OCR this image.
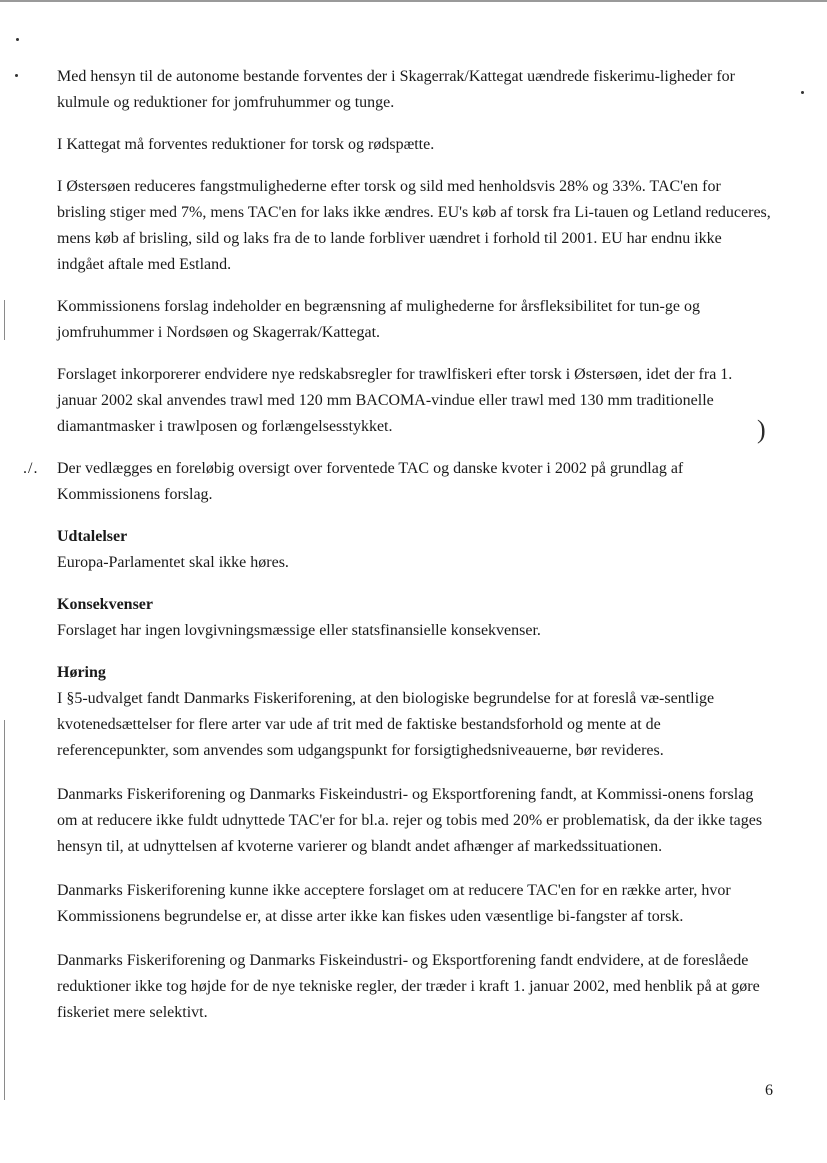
)

Med hensyn til de autonome bestande forventes der i Skagerrak/Kattegat uændrede fiskerimu-ligheder for kulmule og reduktioner for jomfruhummer og tunge.

I Kattegat må forventes reduktioner for torsk og rødspætte.

I Østersøen reduceres fangstmulighederne efter torsk og sild med henholdsvis 28% og 33%. TAC'en for brisling stiger med 7%, mens TAC'en for laks ikke ændres. EU's køb af torsk fra Li-tauen og Letland reduceres, mens køb af brisling, sild og laks fra de to lande forbliver uændret i forhold til 2001. EU har endnu ikke indgået aftale med Estland.

Kommissionens forslag indeholder en begrænsning af mulighederne for årsfleksibilitet for tun-ge og jomfruhummer i Nordsøen og Skagerrak/Kattegat.

Forslaget inkorporerer endvidere nye redskabsregler for trawlfiskeri efter torsk i Østersøen, idet der fra 1. januar 2002 skal anvendes trawl med 120 mm BACOMA-vindue eller trawl med 130 mm traditionelle diamantmasker i trawlposen og forlængelsesstykket.

./. Der vedlægges en foreløbig oversigt over forventede TAC og danske kvoter i 2002 på grundlag af Kommissionens forslag.

Udtalelser

Europa-Parlamentet skal ikke høres.

Konsekvenser

Forslaget har ingen lovgivningsmæssige eller statsfinansielle konsekvenser.

Høring

I §5-udvalget fandt Danmarks Fiskeriforening, at den biologiske begrundelse for at foreslå væ-sentlige kvotenedsættelser for flere arter var ude af trit med de faktiske bestandsforhold og mente at de referencepunkter, som anvendes som udgangspunkt for forsigtighedsniveauerne, bør revideres.

Danmarks Fiskeriforening og Danmarks Fiskeindustri- og Eksportforening fandt, at Kommissi-onens forslag om at reducere ikke fuldt udnyttede TAC'er for bl.a. rejer og tobis med 20% er problematisk, da der ikke tages hensyn til, at udnyttelsen af kvoterne varierer og blandt andet afhænger af markedssituationen.

Danmarks Fiskeriforening kunne ikke acceptere forslaget om at reducere TAC'en for en række arter, hvor Kommissionens begrundelse er, at disse arter ikke kan fiskes uden væsentlige bi-fangster af torsk.

Danmarks Fiskeriforening og Danmarks Fiskeindustri- og Eksportforening fandt endvidere, at de foreslåede reduktioner ikke tog højde for de nye tekniske regler, der træder i kraft 1. januar 2002, med henblik på at gøre fiskeriet mere selektivt.

6
